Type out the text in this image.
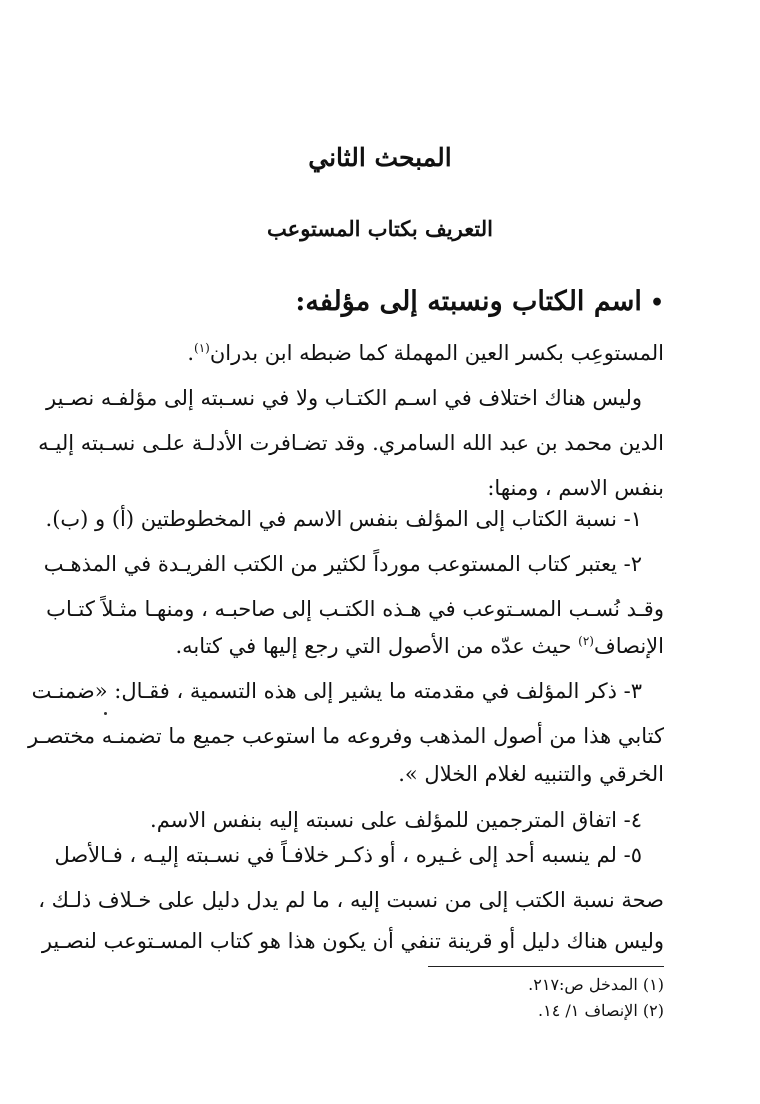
المبحث الثاني
التعريف بكتاب المستوعب
•اسم الكتاب ونسبته إلى مؤلفه:

المستوعِب بكسر العين المهملة كما ضبطه ابن بدران$^{(١)}$.

وليس هناك اختلاف في اسـم الكتـاب ولا في نسـبته إلى مؤلفـه نصـير

الدين محمد بن عبد الله السامري. وقد تضـافرت الأدلـة علـى نسـبته إليـه

بنفس الاسم ، ومنها:

١- نسبة الكتاب إلى المؤلف بنفس الاسم في المخطوطتين (أ) و (ب).

٢- يعتبر كتاب المستوعب مورداً لكثير من الكتب الفريـدة في المذهـب

وقـد نُسـب المسـتوعب في هـذه الكتـب إلى صاحبـه ، ومنهـا مثـلاً كتـاب

الإنصاف$^{(٢)}$ حيث عدّه من الأصول التي رجع إليها في كتابه.

٣- ذكر المؤلف في مقدمته ما يشير إلى هذه التسمية ، فقـال: «ضمنـت

كتابي هذا من أصول المذهب وفروعه ما استوعب جميع ما تضمنـه مختصـر

الخرقي والتنبيه لغلام الخلال ».

٤- اتفاق المترجمين للمؤلف على نسبته إليه بنفس الاسم.

٥- لم ينسبه أحد إلى غـيره ، أو ذكـر خلافـاً في نسـبته إليـه ، فـالأصل

صحة نسبة الكتب إلى من نسبت إليه ، ما لم يدل دليل على خـلاف ذلـك ،

وليس هناك دليل أو قرينة تنفي أن يكون هذا هو كتاب المسـتوعب لنصـير

(١) المدخل ص:٢١٧.

(٢) الإنصاف ١/ ١٤.
